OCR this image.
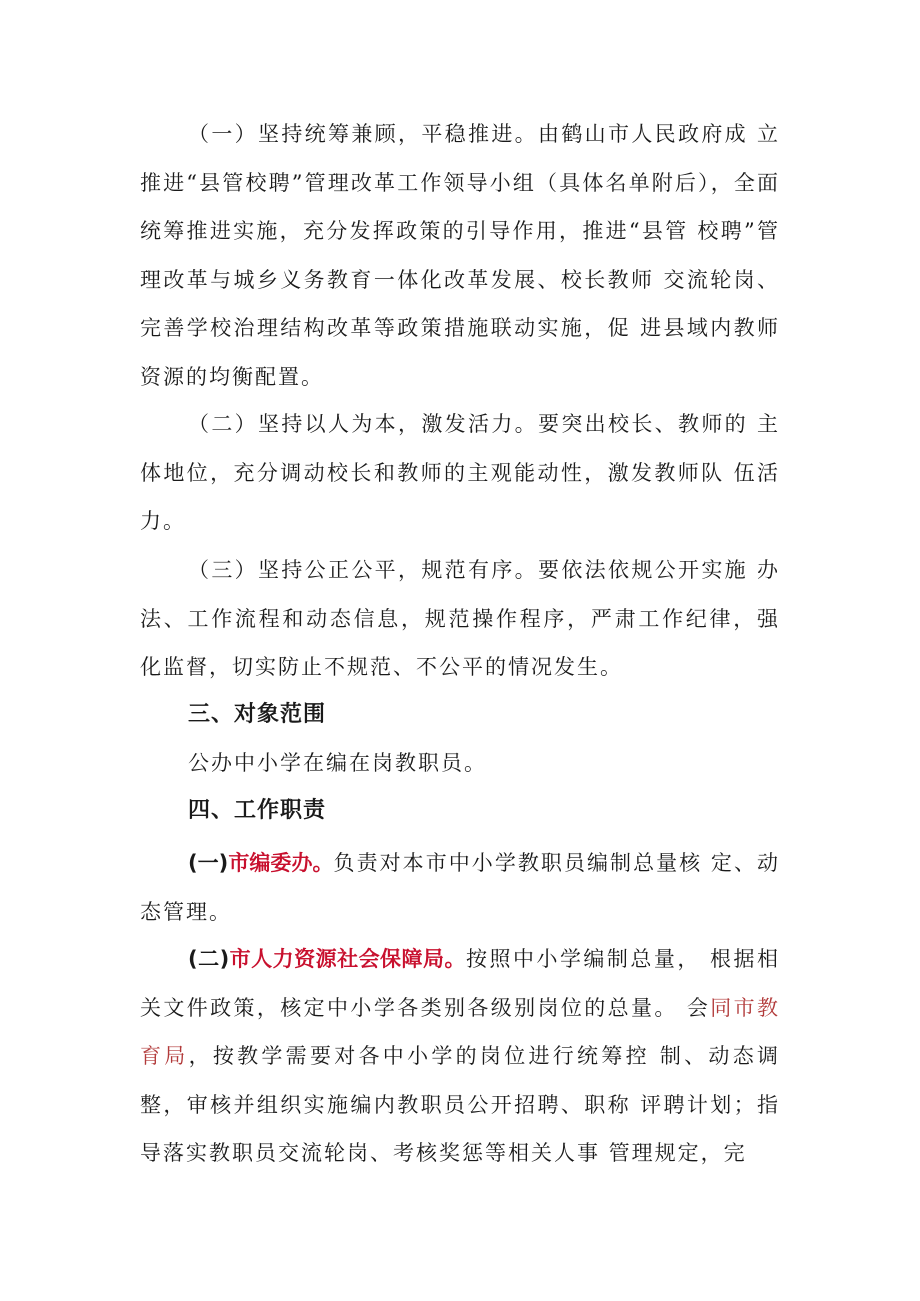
（一）坚持统筹兼顾，平稳推进。由鹤山市人民政府成 立推进“县管校聘”管理改革工作领导小组（具体名单附后），全面统筹推进实施，充分发挥政策的引导作用，推进“县管 校聘”管理改革与城乡义务教育一体化改革发展、校长教师 交流轮岗、完善学校治理结构改革等政策措施联动实施，促 进县域内教师资源的均衡配置。

（二）坚持以人为本，激发活力。要突出校长、教师的 主体地位，充分调动校长和教师的主观能动性，激发教师队 伍活力。

（三）坚持公正公平，规范有序。要依法依规公开实施 办法、工作流程和动态信息，规范操作程序，严肃工作纪律，强化监督，切实防止不规范、不公平的情况发生。

三、对象范围

公办中小学在编在岗教职员。

四、工作职责

(一)市编委办。负责对本市中小学教职员编制总量核 定、动态管理。

(二)市人力资源社会保障局。按照中小学编制总量， 根据相关文件政策，核定中小学各类别各级别岗位的总量。 会同市教育局，按教学需要对各中小学的岗位进行统筹控 制、动态调整，审核并组织实施编内教职员公开招聘、职称 评聘计划；指导落实教职员交流轮岗、考核奖惩等相关人事 管理规定，完
